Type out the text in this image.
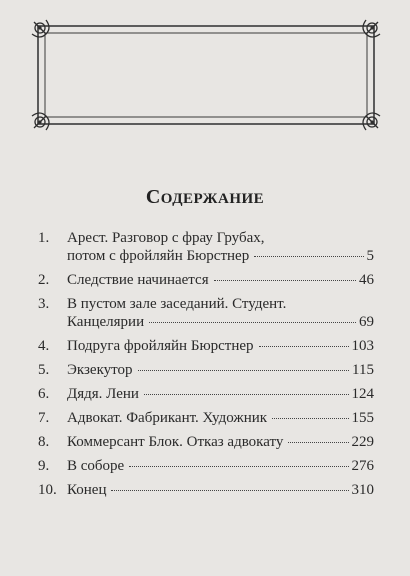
СОДЕРЖАНИЕ
1. Арест. Разговор с фрау Грубах,
потом с фройляйн Бюрстнер	5
2. Следствие начинается	46
3. В пустом зале заседаний. Студент.
Канцелярии	69
4. Подруга фройляйн Бюрстнер	103
5. Экзекутор	115
6. Дядя. Лени	124
7. Адвокат. Фабрикант. Художник	155
8. Коммерсант Блок. Отказ адвокату	229
9. В соборе	276
10. Конец	310
